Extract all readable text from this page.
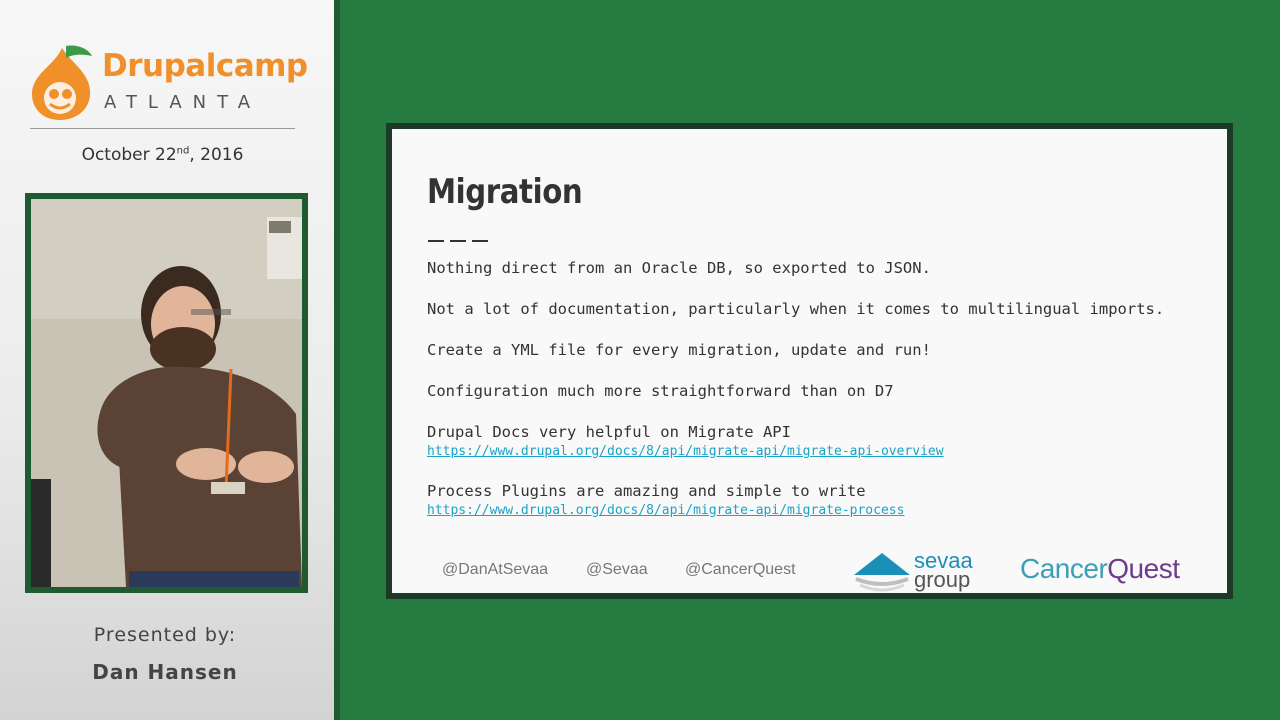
Drupalcamp
ATLANTA
October 22nd, 2016
Presented by:
Dan Hansen
Migration
Nothing direct from an Oracle DB, so exported to JSON.
Not a lot of documentation, particularly when it comes to multilingual imports.
Create a YML file for every migration, update and run!
Configuration much more straightforward than on D7
Drupal Docs very helpful on Migrate API
https://www.drupal.org/docs/8/api/migrate-api/migrate-api-overview
Process Plugins are amazing and simple to write
https://www.drupal.org/docs/8/api/migrate-api/migrate-process
@DanAtSevaa @Sevaa @CancerQuest	sevaa
group CancerQuest
